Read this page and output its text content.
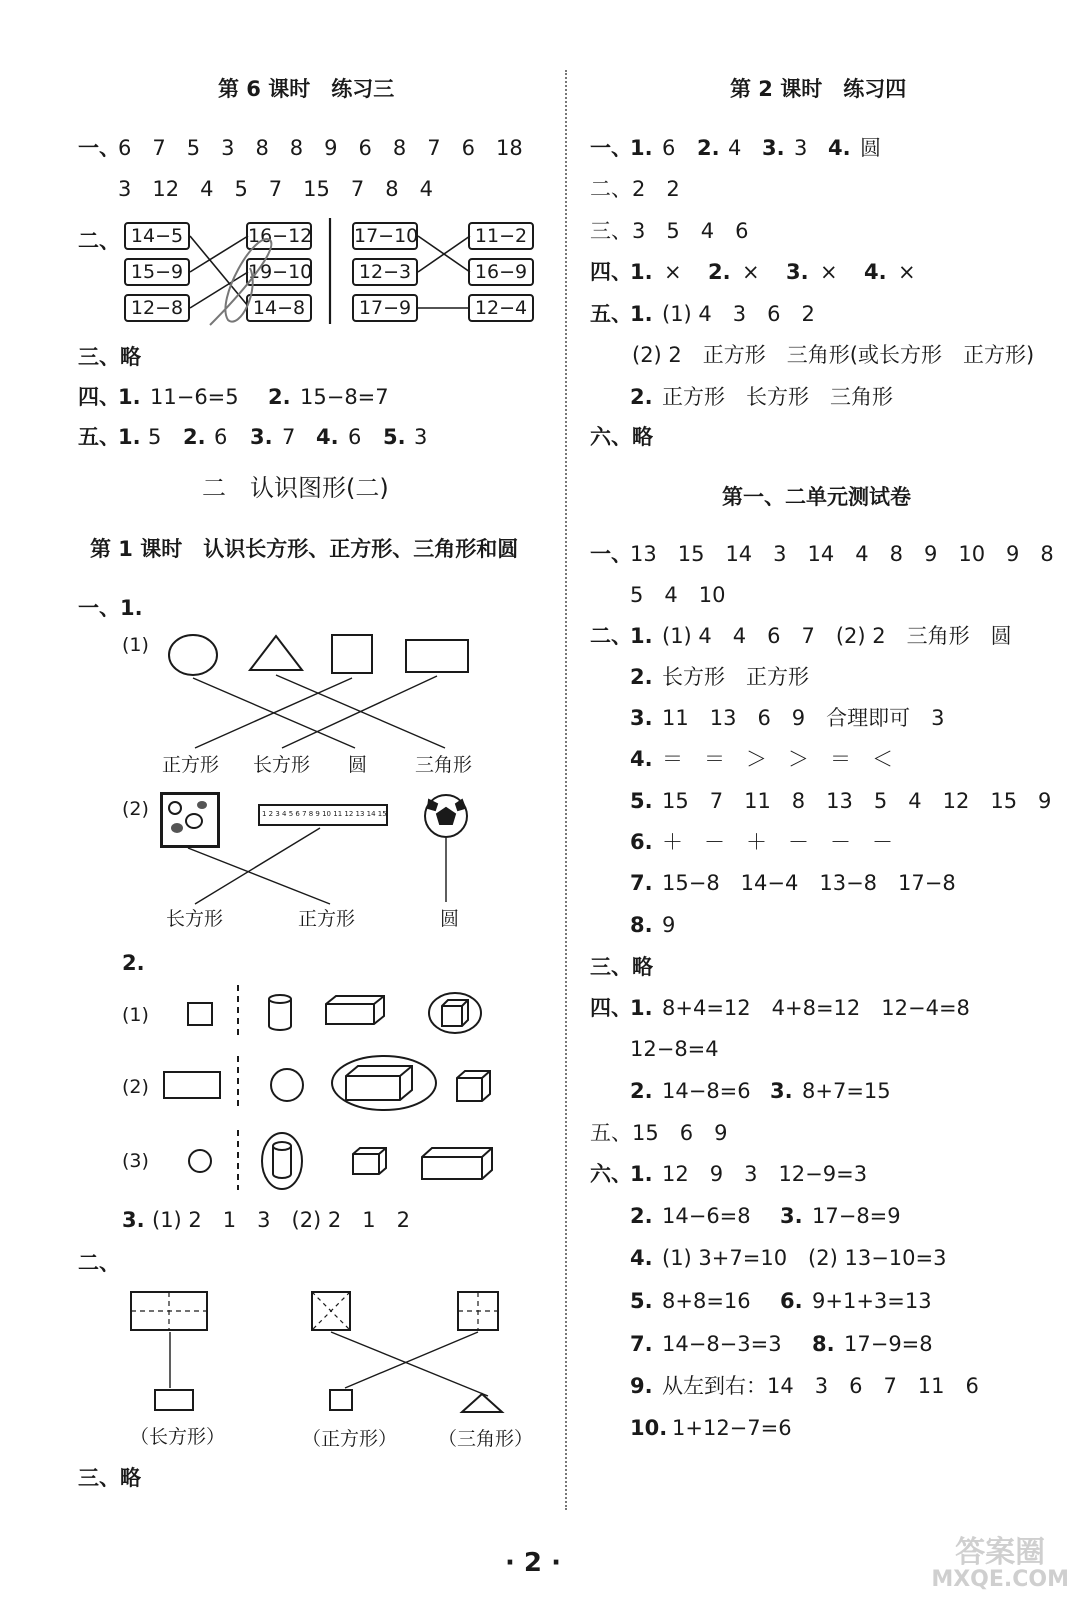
第 6 课时　练习三
一、
6　7　5　3　8　8　9　6　8　7　6　18
3　12　4　5　7　15　7　8　4
二、 14−5
15−9
12−8
16−12
19−10
14−8
17−10
12−3
17−9
11−2
16−9
12−4
三、略
四、
1. 11−6=5 2. 15−8=7
五、
1. 5 2. 6 3. 7 4. 6 5. 3
二　认识图形(二)
第 1 课时　认识长方形、正方形、三角形和圆
一、1.
(1)
正方形 长方形 圆	三角形
(2)	1 2 3 4 5 6 7 8 9 10 11 12 13 14 15
长方形	正方形	圆
2.
(1)
(2)
(3)
3. (1) 2　1　3　(2) 2　1　2
二、
（长方形）	（正方形） （三角形）
三、略
第 2 课时　练习四
一、
1. 6 2. 4 3. 3 4. 圆
二、2　2
三、3　5　4　6
四、
1. × 2. × 3. × 4. ×
五、
1. (1) 4　3　6　2
(2) 2　正方形　三角形(或长方形　正方形)
2. 正方形　长方形　三角形
六、略
第一、二单元测试卷
一、
13　15　14　3　14　4　8　9　10　9　8
5　4　10
二、
1. (1) 4　4　6　7　(2) 2　三角形　圆
2. 长方形　正方形
3. 11　13　6　9　合理即可　3
4. ＝　＝　＞　＞　＝　＜
5. 15　7　11　8　13　5　4　12　15　9
6. ＋　－　＋　－　－　－
7. 15−8　14−4　13−8　17−8
8. 9
三、略
四、
1. 8+4=12　4+8=12　12−4=8
12−8=4
2. 14−8=6 3. 8+7=15
五、15　6　9
六、
1. 12　9　3　12−9=3
2. 14−6=8 3. 17−8=9
4. (1) 3+7=10　(2) 13−10=3
5. 8+8=16 6. 9+1+3=13
7. 14−8−3=3 8. 17−9=8
9. 从左到右：14　3　6　7　11　6
10. 1+12−7=6
· 2 ·	答案圈
MXQE.COM
